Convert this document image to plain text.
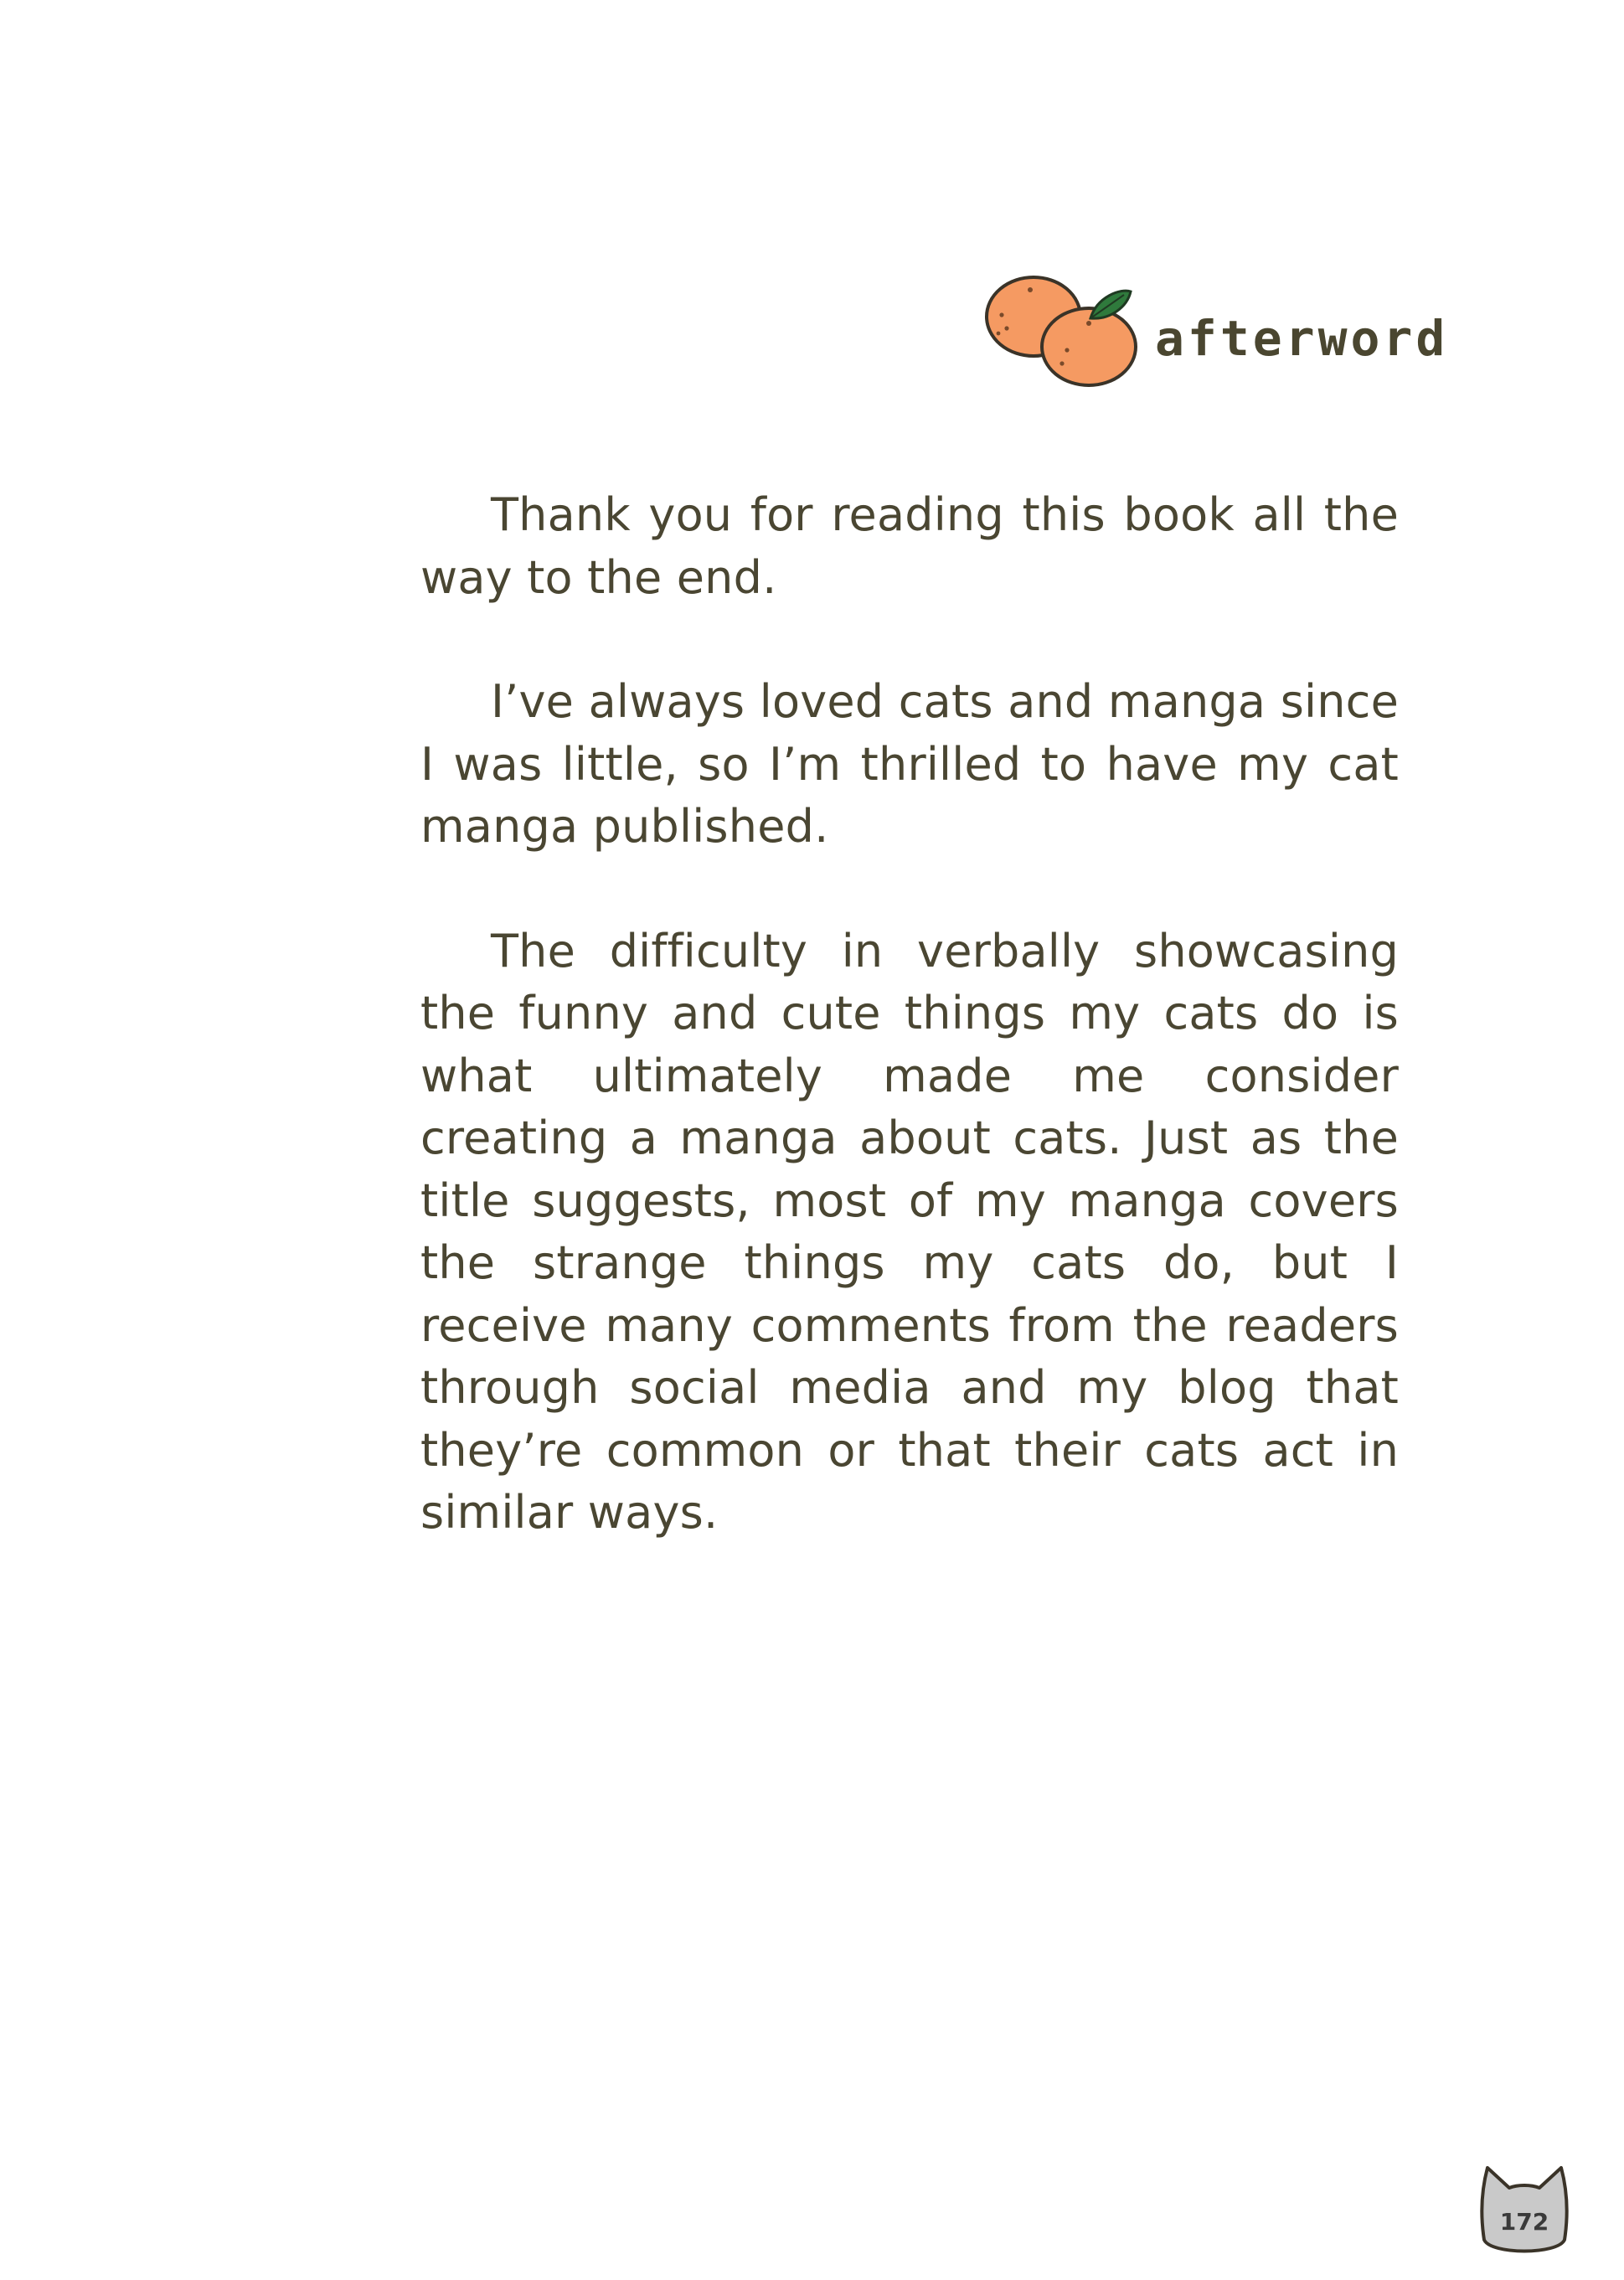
afterword

Thank you for reading this book all the way to the end.

I’ve always loved cats and manga since I was little, so I’m thrilled to have my cat manga published.

The difficulty in verbally showcasing the funny and cute things my cats do is what ultimately made me consider creating a manga about cats. Just as the title suggests, most of my manga covers the strange things my cats do, but I receive many comments from the readers through social media and my blog that they’re common or that their cats act in similar ways.

172
